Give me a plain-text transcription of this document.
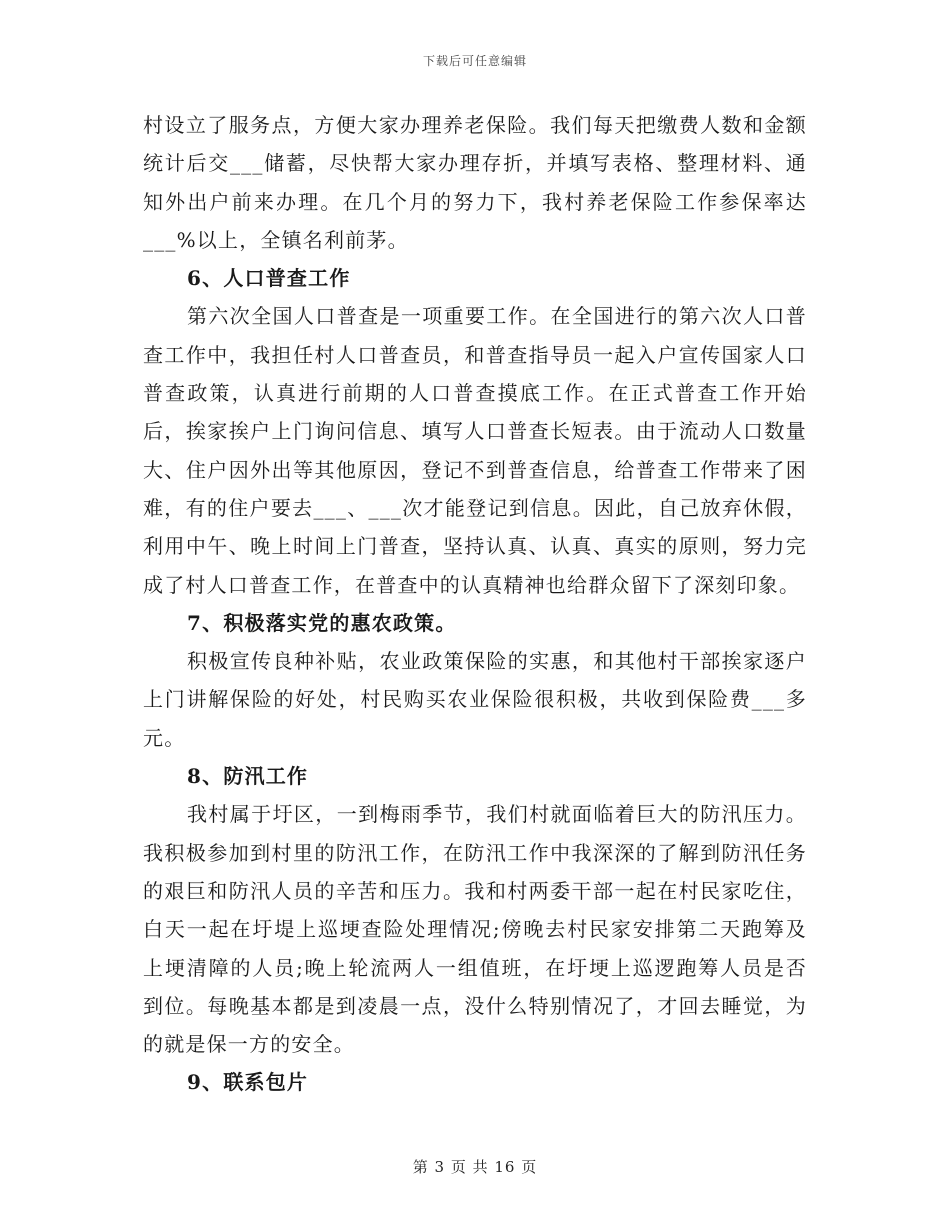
下载后可任意编辑

村设立了服务点，方便大家办理养老保险。我们每天把缴费人数和金额统计后交___储蓄，尽快帮大家办理存折，并填写表格、整理材料、通知外出户前来办理。在几个月的努力下，我村养老保险工作参保率达___%以上，全镇名利前茅。

6、人口普查工作

第六次全国人口普查是一项重要工作。在全国进行的第六次人口普查工作中，我担任村人口普查员，和普查指导员一起入户宣传国家人口普查政策，认真进行前期的人口普查摸底工作。在正式普查工作开始后，挨家挨户上门询问信息、填写人口普查长短表。由于流动人口数量大、住户因外出等其他原因，登记不到普查信息，给普查工作带来了困难，有的住户要去___、___次才能登记到信息。因此，自己放弃休假，利用中午、晚上时间上门普查，坚持认真、认真、真实的原则，努力完成了村人口普查工作，在普查中的认真精神也给群众留下了深刻印象。

7、积极落实党的惠农政策。

积极宣传良种补贴，农业政策保险的实惠，和其他村干部挨家逐户上门讲解保险的好处，村民购买农业保险很积极，共收到保险费___多元。

8、防汛工作

我村属于圩区，一到梅雨季节，我们村就面临着巨大的防汛压力。我积极参加到村里的防汛工作，在防汛工作中我深深的了解到防汛任务的艰巨和防汛人员的辛苦和压力。我和村两委干部一起在村民家吃住，白天一起在圩堤上巡埂查险处理情况;傍晚去村民家安排第二天跑筹及上埂清障的人员;晚上轮流两人一组值班，在圩埂上巡逻跑筹人员是否到位。每晚基本都是到凌晨一点，没什么特别情况了，才回去睡觉，为的就是保一方的安全。

9、联系包片

第 3 页 共 16 页
